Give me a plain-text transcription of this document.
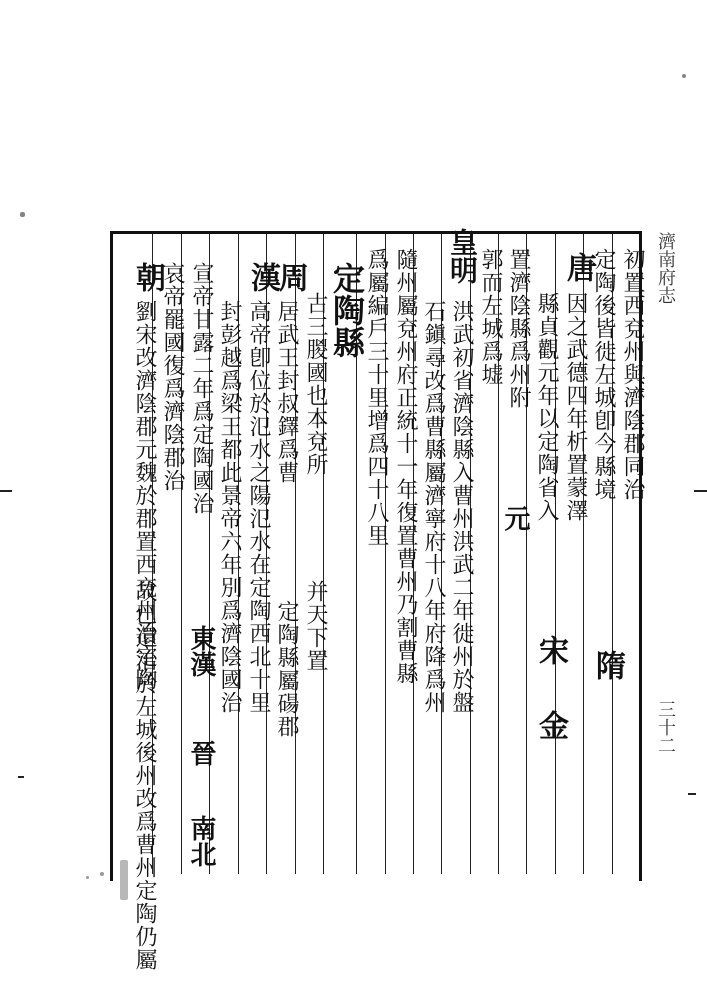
濟南府志
三十二
初置西兗州與濟陰郡同治
定陶後皆徙左城卽今縣境
唐
因之武德四年析置蒙澤
縣貞觀元年以定陶省入
置濟陰縣爲州附
郭而左城爲墟
皇明
洪武初省濟陰縣入曹州洪武二年徙州於盤
石鎭尋改爲曹縣屬濟寧府十八年府降爲州
隨州屬兗州府正統十一年復置曹州乃割曹縣
爲屬編戶三十里增爲四十八里
定陶縣
古三朡國也本兗所
周
居武王封叔鐸爲曹
漢
高帝卽位於氾水之陽氾水在定陶西北十里
封彭越爲梁王都此景帝六年別爲濟陰國治
宣帝甘露二年爲定陶國治
哀帝罷國復爲濟陰郡治
朝
劉宋改濟陰郡元魏於郡置西兗州治定陶	隋
宋
金
元
并天下置
定陶縣屬碭郡
東漢
晉
南北
故已還治於左城後州改爲曹州定陶仍屬
